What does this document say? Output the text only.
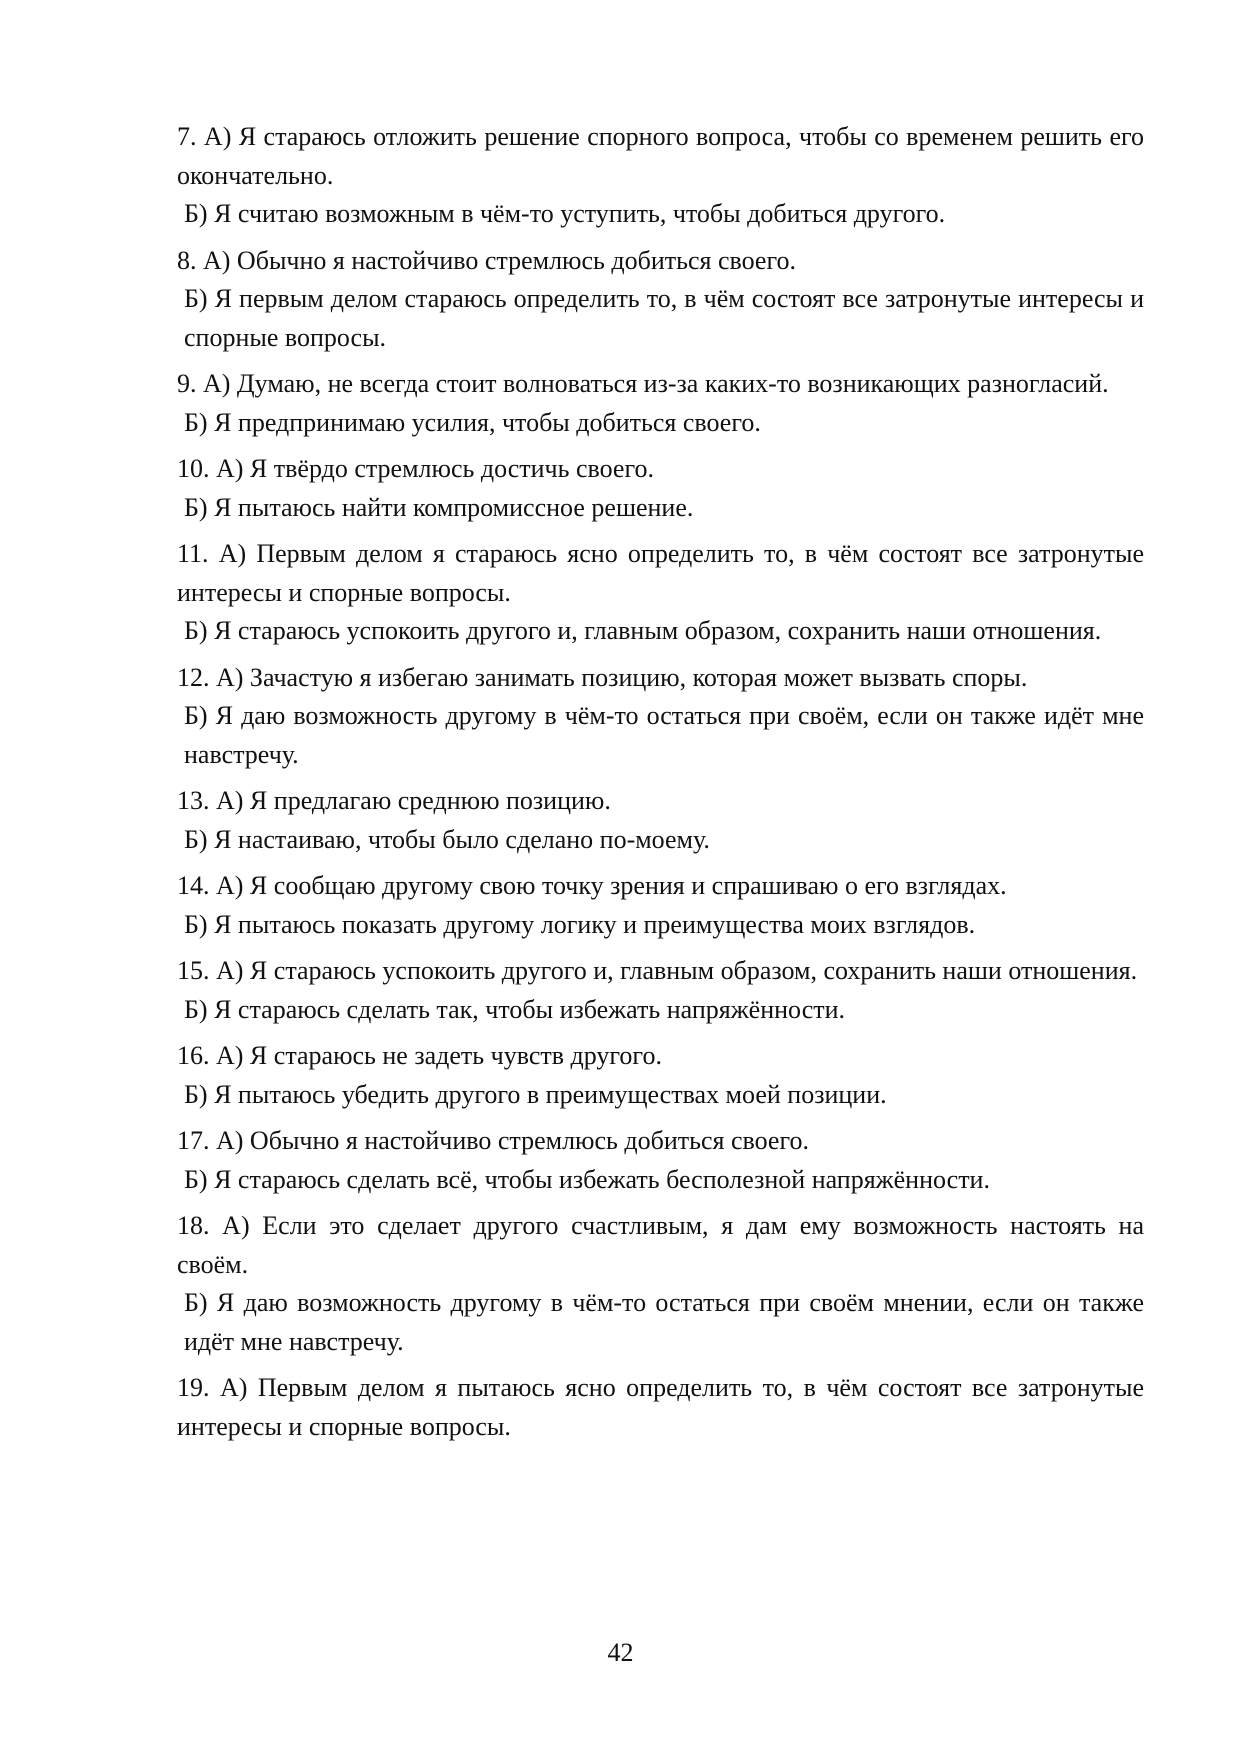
7. А) Я стараюсь отложить решение спорного вопроса, чтобы со временем решить его окончательно.

Б) Я считаю возможным в чём-то уступить, чтобы добиться другого.

8. А) Обычно я настойчиво стремлюсь добиться своего.

Б) Я первым делом стараюсь определить то, в чём состоят все затронутые интересы и спорные вопросы.

9. А) Думаю, не всегда стоит волноваться из-за каких-то возникающих разногласий.

Б) Я предпринимаю усилия, чтобы добиться своего.

10. А) Я твёрдо стремлюсь достичь своего.

Б) Я пытаюсь найти компромиссное решение.

11. А) Первым делом я стараюсь ясно определить то, в чём состоят все затронутые интересы и спорные вопросы.

Б) Я стараюсь успокоить другого и, главным образом, сохранить наши отношения.

12. А) Зачастую я избегаю занимать позицию, которая может вызвать споры.

Б) Я даю возможность другому в чём-то остаться при своём, если он также идёт мне навстречу.

13. А) Я предлагаю среднюю позицию.

Б) Я настаиваю, чтобы было сделано по-моему.

14. А) Я сообщаю другому свою точку зрения и спрашиваю о его взглядах.

Б) Я пытаюсь показать другому логику и преимущества моих взглядов.

15. А) Я стараюсь успокоить другого и, главным образом, сохранить наши отношения.

Б) Я стараюсь сделать так, чтобы избежать напряжённости.

16. А) Я стараюсь не задеть чувств другого.

Б) Я пытаюсь убедить другого в преимуществах моей позиции.

17. А) Обычно я настойчиво стремлюсь добиться своего.

Б) Я стараюсь сделать всё, чтобы избежать бесполезной напряжённости.

18. А) Если это сделает другого счастливым, я дам ему возможность настоять на своём.

Б) Я даю возможность другому в чём-то остаться при своём мнении, если он также идёт мне навстречу.

19. А) Первым делом я пытаюсь ясно определить то, в чём состоят все затронутые интересы и спорные вопросы.

42
